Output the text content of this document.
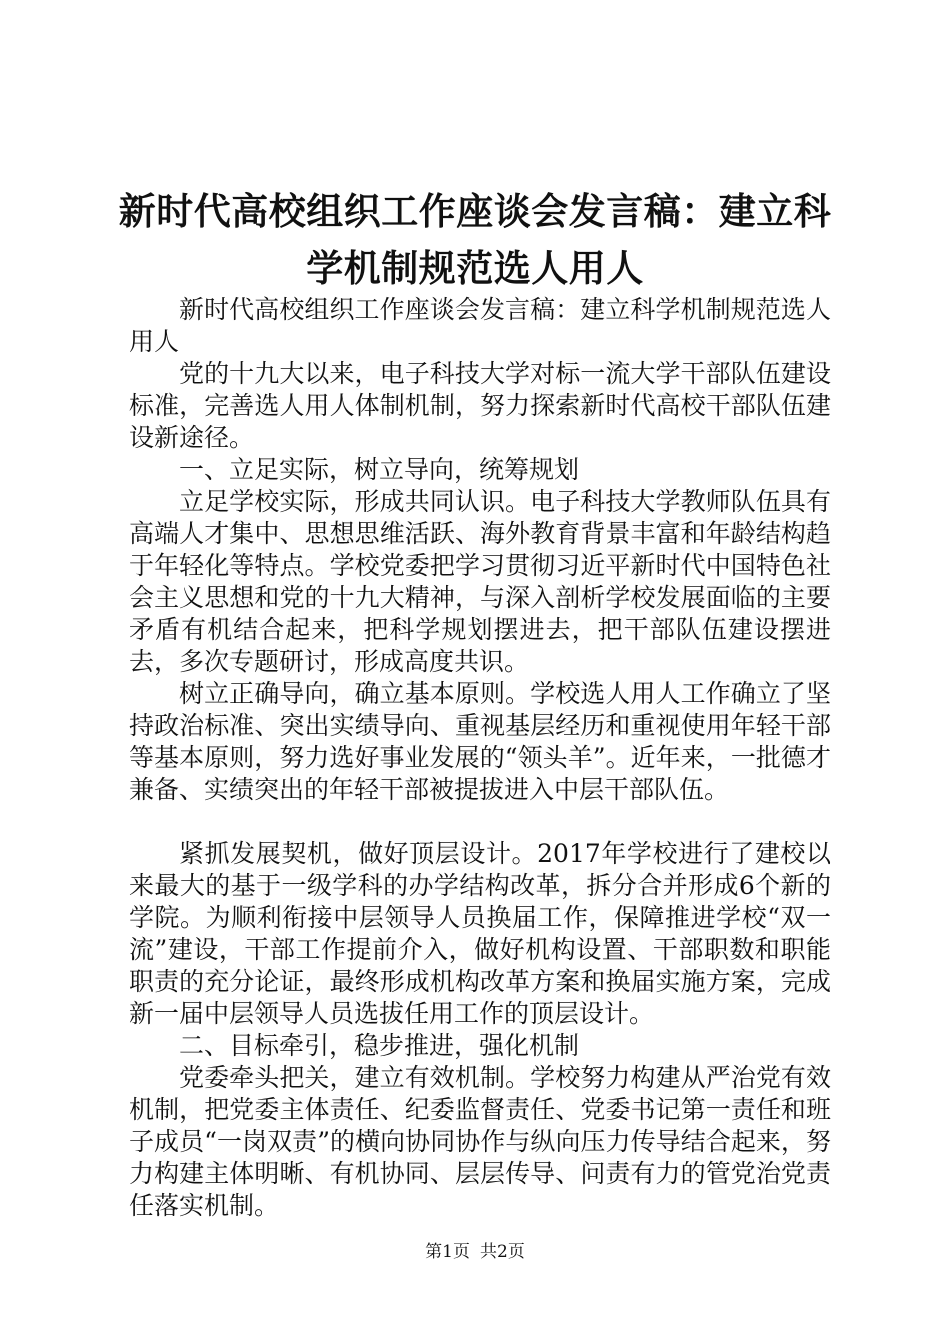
新时代高校组织工作座谈会发言稿：建立科学机制规范选人用人

新时代高校组织工作座谈会发言稿：建立科学机制规范选人用人

党的十九大以来，电子科技大学对标一流大学干部队伍建设标准，完善选人用人体制机制，努力探索新时代高校干部队伍建设新途径。

一、立足实际，树立导向，统筹规划

立足学校实际，形成共同认识。电子科技大学教师队伍具有高端人才集中、思想思维活跃、海外教育背景丰富和年龄结构趋于年轻化等特点。学校党委把学习贯彻习近平新时代中国特色社会主义思想和党的十九大精神，与深入剖析学校发展面临的主要矛盾有机结合起来，把科学规划摆进去，把干部队伍建设摆进去，多次专题研讨，形成高度共识。

树立正确导向，确立基本原则。学校选人用人工作确立了坚持政治标准、突出实绩导向、重视基层经历和重视使用年轻干部等基本原则，努力选好事业发展的“领头羊”。近年来，一批德才兼备、实绩突出的年轻干部被提拔进入中层干部队伍。

紧抓发展契机，做好顶层设计。2017年学校进行了建校以来最大的基于一级学科的办学结构改革，拆分合并形成6个新的学院。为顺利衔接中层领导人员换届工作，保障推进学校“双一流”建设，干部工作提前介入，做好机构设置、干部职数和职能职责的充分论证，最终形成机构改革方案和换届实施方案，完成新一届中层领导人员选拔任用工作的顶层设计。

二、目标牵引，稳步推进，强化机制

党委牵头把关，建立有效机制。学校努力构建从严治党有效机制，把党委主体责任、纪委监督责任、党委书记第一责任和班子成员“一岗双责”的横向协同协作与纵向压力传导结合起来，努力构建主体明晰、有机协同、层层传导、问责有力的管党治党责任落实机制。

第1页 共2页
